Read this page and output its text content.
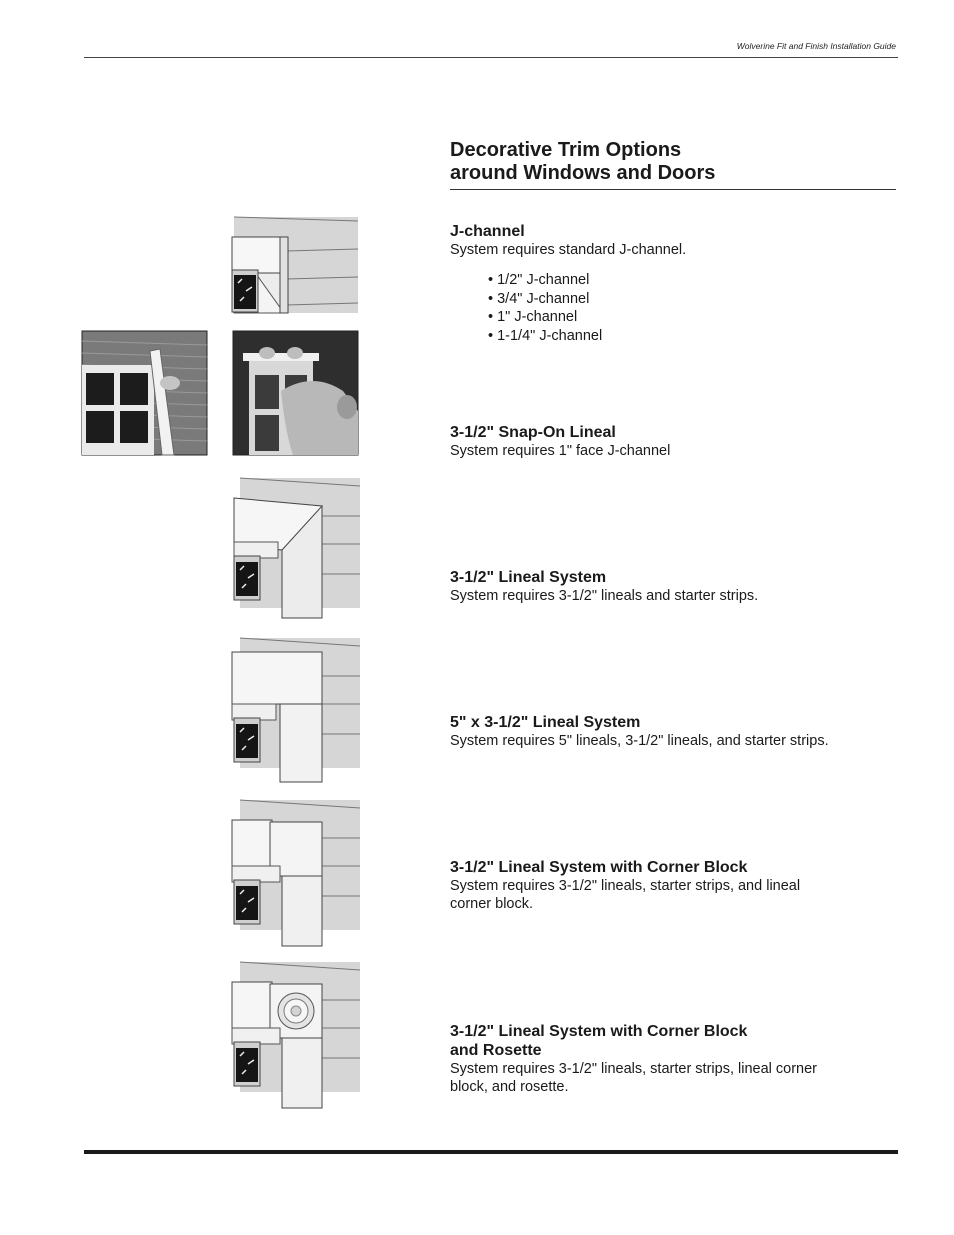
Wolverine Fit and Finish Installation Guide
Decorative Trim Options
around Windows and Doors

J-channel

System requires standard J-channel.

• 1/2" J-channel
• 3/4" J-channel
• 1" J-channel
• 1-1/4" J-channel

3-1/2" Snap-On Lineal

System requires 1" face J-channel

3-1/2" Lineal System

System requires 3-1/2" lineals and starter strips.

5" x 3-1/2" Lineal System

System requires 5" lineals, 3-1/2" lineals, and starter strips.

3-1/2" Lineal System with Corner Block

System requires 3-1/2" lineals, starter strips, and lineal
corner block.

3-1/2" Lineal System with Corner Block
and Rosette

System requires 3-1/2" lineals, starter strips, lineal corner
block, and rosette.
